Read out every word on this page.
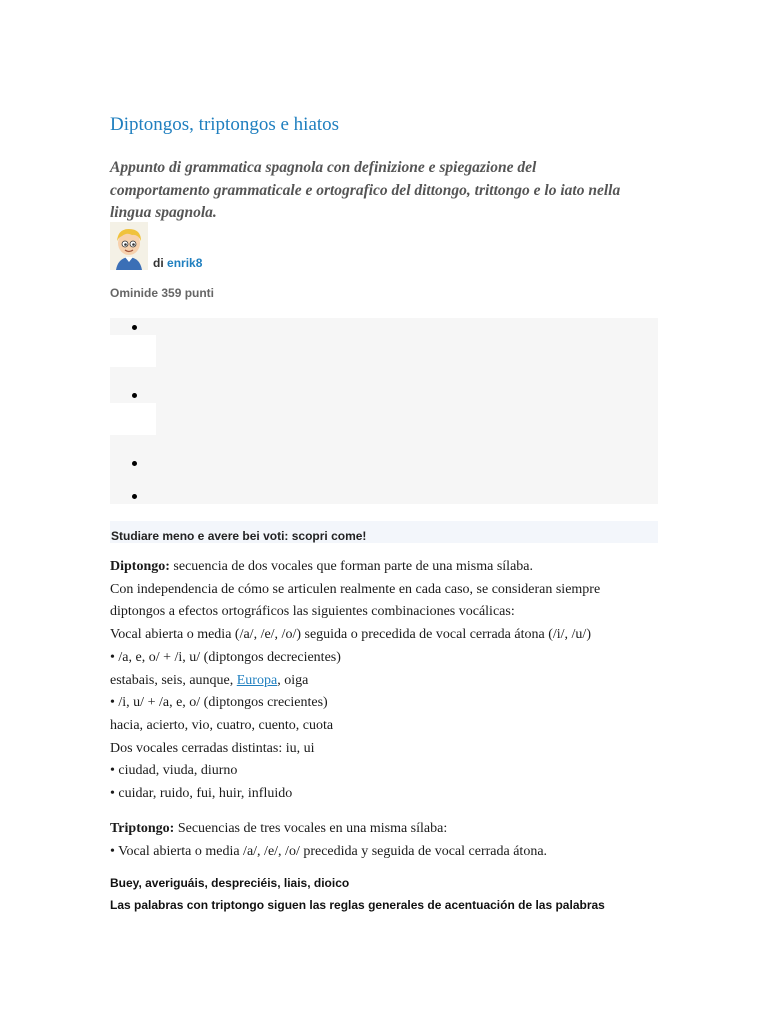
Diptongos, triptongos e hiatos
Appunto di grammatica spagnola con definizione e spiegazione del comportamento grammaticale e ortografico del dittongo, trittongo e lo iato nella lingua spagnola.
di enrik8
Ominide 359 punti
Studiare meno e avere bei voti: scopri come!
Diptongo: secuencia de dos vocales que forman parte de una misma sílaba.
Con independencia de cómo se articulen realmente en cada caso, se consideran siempre
diptongos a efectos ortográficos las siguientes combinaciones vocálicas:
Vocal abierta o media (/a/, /e/, /o/) seguida o precedida de vocal cerrada átona (/i/, /u/)
• /a, e, o/ + /i, u/ (diptongos decrecientes)
estabais, seis, aunque, Europa, oiga
• /i, u/ + /a, e, o/ (diptongos crecientes)
hacia, acierto, vio, cuatro, cuento, cuota
Dos vocales cerradas distintas: iu, ui
• ciudad, viuda, diurno
• cuidar, ruido, fui, huir, influido
Triptongo: Secuencias de tres vocales en una misma sílaba:
• Vocal abierta o media /a/, /e/, /o/ precedida y seguida de vocal cerrada átona.
Buey, averiguáis, despreciéis, liais, dioico
Las palabras con triptongo siguen las reglas generales de acentuación de las palabras
